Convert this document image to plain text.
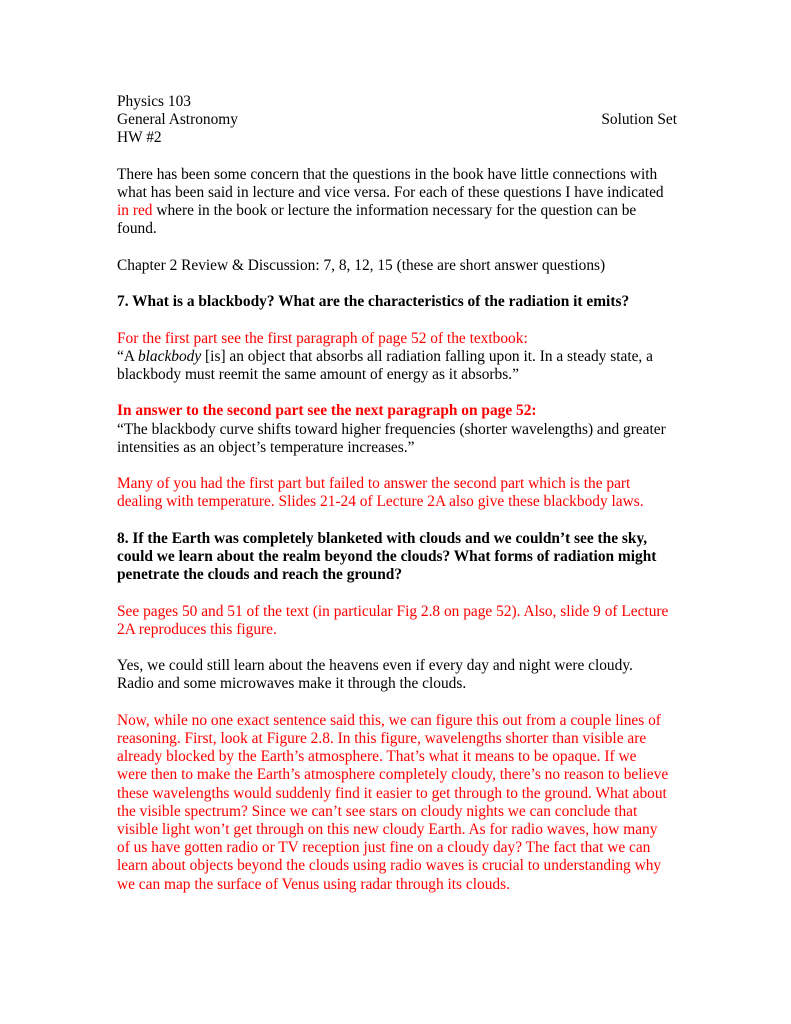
Physics 103
General Astronomy	Solution Set
HW #2

There has been some concern that the questions in the book have little connections with
what has been said in lecture and vice versa. For each of these questions I have indicated
in red where in the book or lecture the information necessary for the question can be
found.

Chapter 2 Review & Discussion: 7, 8, 12, 15 (these are short answer questions)

7. What is a blackbody? What are the characteristics of the radiation it emits?

For the first part see the first paragraph of page 52 of the textbook:
“A blackbody [is] an object that absorbs all radiation falling upon it. In a steady state, a
blackbody must reemit the same amount of energy as it absorbs.”

In answer to the second part see the next paragraph on page 52:
“The blackbody curve shifts toward higher frequencies (shorter wavelengths) and greater
intensities as an object’s temperature increases.”

Many of you had the first part but failed to answer the second part which is the part
dealing with temperature. Slides 21-24 of Lecture 2A also give these blackbody laws.

8. If the Earth was completely blanketed with clouds and we couldn’t see the sky,
could we learn about the realm beyond the clouds? What forms of radiation might
penetrate the clouds and reach the ground?

See pages 50 and 51 of the text (in particular Fig 2.8 on page 52). Also, slide 9 of Lecture
2A reproduces this figure.

Yes, we could still learn about the heavens even if every day and night were cloudy.
Radio and some microwaves make it through the clouds.

Now, while no one exact sentence said this, we can figure this out from a couple lines of
reasoning. First, look at Figure 2.8. In this figure, wavelengths shorter than visible are
already blocked by the Earth’s atmosphere. That’s what it means to be opaque. If we
were then to make the Earth’s atmosphere completely cloudy, there’s no reason to believe
these wavelengths would suddenly find it easier to get through to the ground. What about
the visible spectrum? Since we can’t see stars on cloudy nights we can conclude that
visible light won’t get through on this new cloudy Earth. As for radio waves, how many
of us have gotten radio or TV reception just fine on a cloudy day? The fact that we can
learn about objects beyond the clouds using radio waves is crucial to understanding why
we can map the surface of Venus using radar through its clouds.
